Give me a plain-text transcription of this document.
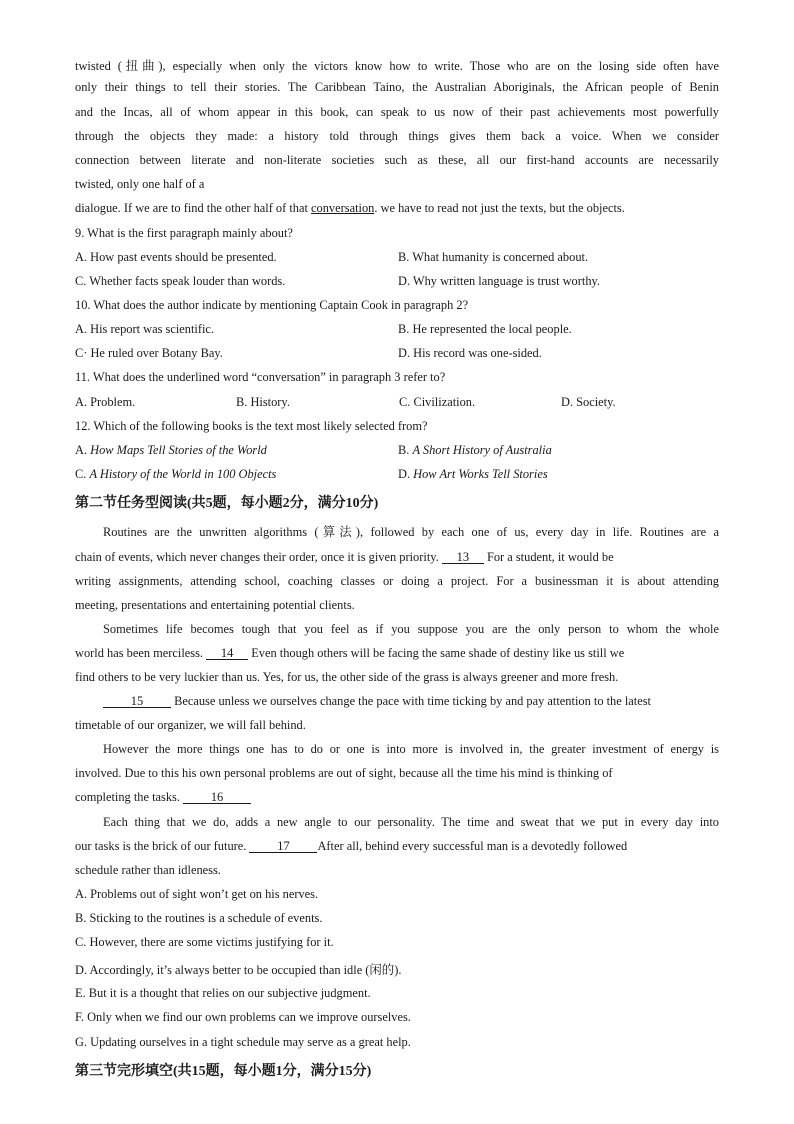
twisted (扭曲), especially when only the victors know how to write. Those who are on the losing side often have
only their things to tell their stories. The Caribbean Taino, the Australian Aboriginals, the African people of Benin
and the Incas, all of whom appear in this book, can speak to us now of their past achievements most powerfully
through the objects they made: a history told through things gives them back a voice. When we consider
connection between literate and non-literate societies such as these, all our first-hand accounts are necessarily
twisted, only one half of a
dialogue. If we are to find the other half of that conversation. we have to read not just the texts, but the objects.
9. What is the first paragraph mainly about?
A. How past events should be presented.	B. What humanity is concerned about.
C. Whether facts speak louder than words.	D. Why written language is trust worthy.
10. What does the author indicate by mentioning Captain Cook in paragraph 2?
A. His report was scientific.	B. He represented the local people.
C· He ruled over Botany Bay.	D. His record was one-sided.
11. What does the underlined word “conversation” in paragraph 3 refer to?
A. Problem.	B. History.	C. Civilization.	D. Society.
12. Which of the following books is the text most likely selected from?
A. How Maps Tell Stories of the World	B. A Short History of Australia
C. A History of the World in 100 Objects	D. How Art Works Tell Stories
第二节任务型阅读(共5题，每小题2分，满分10分)
Routines are the unwritten algorithms (算法), followed by each one of us, every day in life. Routines are a
chain of events, which never changes their order, once it is given priority. 13 For a student, it would be
writing assignments, attending school, coaching classes or doing a project. For a businessman it is about attending
meeting, presentations and entertaining potential clients.
Sometimes life becomes tough that you feel as if you suppose you are the only person to whom the whole
world has been merciless. 14 Even though others will be facing the same shade of destiny like us still we
find others to be very luckier than us. Yes, for us, the other side of the grass is always greener and more fresh.
15 Because unless we ourselves change the pace with time ticking by and pay attention to the latest
timetable of our organizer, we will fall behind.
However the more things one has to do or one is into more is involved in, the greater investment of energy is
involved. Due to this his own personal problems are out of sight, because all the time his mind is thinking of
completing the tasks. 16
Each thing that we do, adds a new angle to our personality. The time and sweat that we put in every day into
our tasks is the brick of our future. 17 After all, behind every successful man is a devotedly followed
schedule rather than idleness.
A. Problems out of sight won’t get on his nerves.
B. Sticking to the routines is a schedule of events.
C. However, there are some victims justifying for it.
D. Accordingly, it’s always better to be occupied than idle (闲的).
E. But it is a thought that relies on our subjective judgment.
F. Only when we find our own problems can we improve ourselves.
G. Updating ourselves in a tight schedule may serve as a great help.
第三节完形填空(共15题，每小题1分，满分15分)
